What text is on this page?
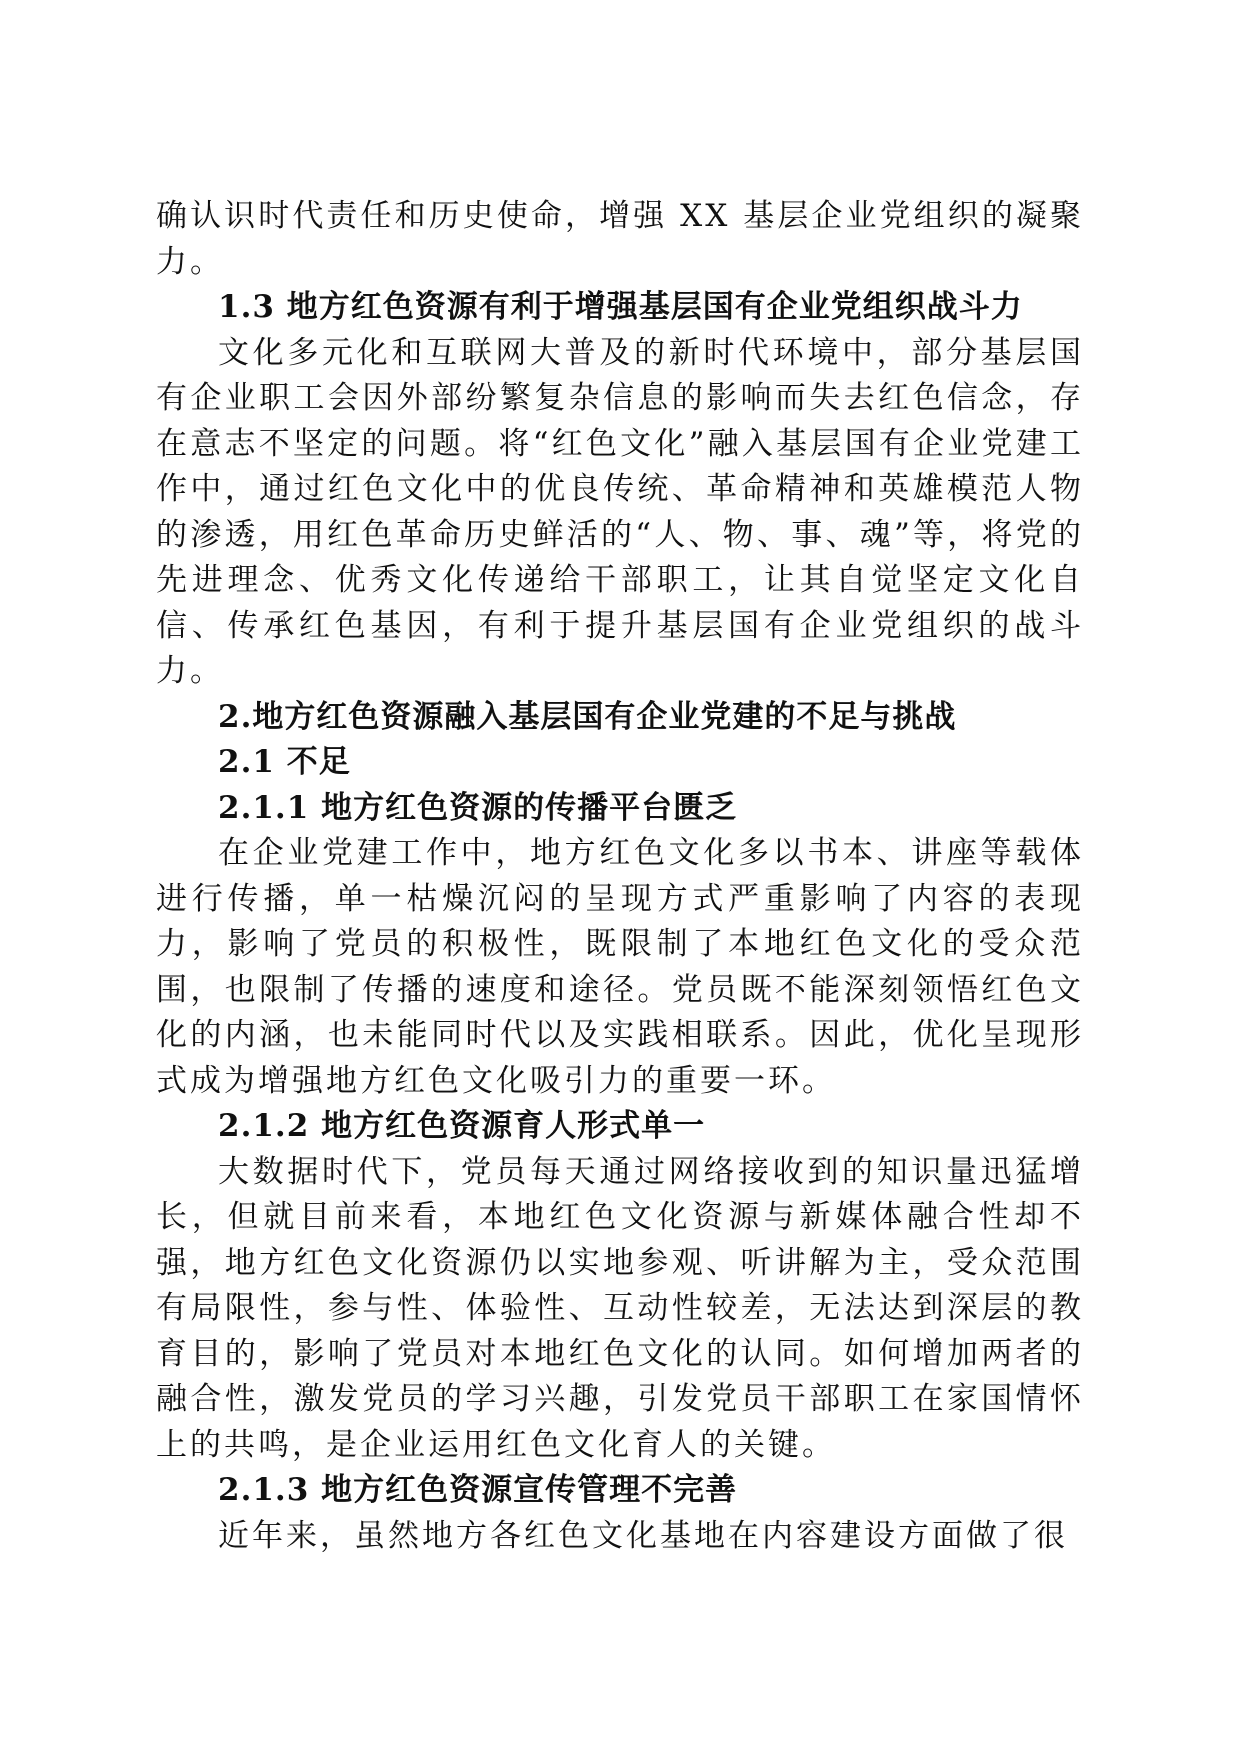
确认识时代责任和历史使命，增强 XX 基层企业党组织的凝聚力。

1.3 地方红色资源有利于增强基层国有企业党组织战斗力

文化多元化和互联网大普及的新时代环境中，部分基层国有企业职工会因外部纷繁复杂信息的影响而失去红色信念，存在意志不坚定的问题。将“红色文化”融入基层国有企业党建工作中，通过红色文化中的优良传统、革命精神和英雄模范人物的渗透，用红色革命历史鲜活的“人、物、事、魂”等，将党的先进理念、优秀文化传递给干部职工，让其自觉坚定文化自信、传承红色基因，有利于提升基层国有企业党组织的战斗力。

2.地方红色资源融入基层国有企业党建的不足与挑战

2.1 不足

2.1.1 地方红色资源的传播平台匮乏

在企业党建工作中，地方红色文化多以书本、讲座等载体进行传播，单一枯燥沉闷的呈现方式严重影响了内容的表现力，影响了党员的积极性，既限制了本地红色文化的受众范围，也限制了传播的速度和途径。党员既不能深刻领悟红色文化的内涵，也未能同时代以及实践相联系。因此，优化呈现形式成为增强地方红色文化吸引力的重要一环。

2.1.2 地方红色资源育人形式单一

大数据时代下，党员每天通过网络接收到的知识量迅猛增长，但就目前来看，本地红色文化资源与新媒体融合性却不强，地方红色文化资源仍以实地参观、听讲解为主，受众范围有局限性，参与性、体验性、互动性较差，无法达到深层的教育目的，影响了党员对本地红色文化的认同。如何增加两者的融合性，激发党员的学习兴趣，引发党员干部职工在家国情怀上的共鸣，是企业运用红色文化育人的关键。

2.1.3 地方红色资源宣传管理不完善

近年来，虽然地方各红色文化基地在内容建设方面做了很
